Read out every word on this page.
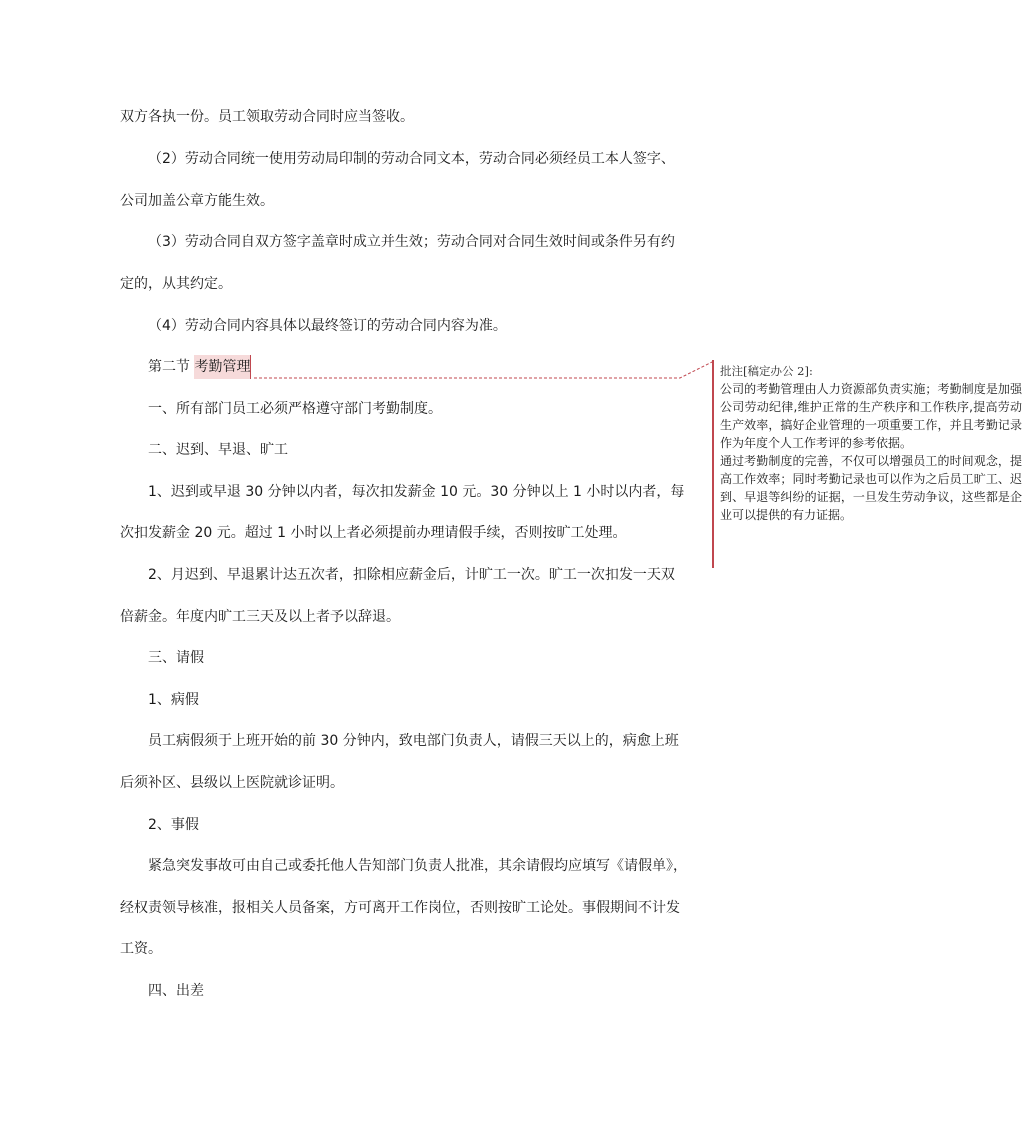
双方各执一份。员工领取劳动合同时应当签收。
（2）劳动合同统一使用劳动局印制的劳动合同文本，劳动合同必须经员工本人签字、
公司加盖公章方能生效。
（3）劳动合同自双方签字盖章时成立并生效；劳动合同对合同生效时间或条件另有约
定的，从其约定。
（4）劳动合同内容具体以最终签订的劳动合同内容为准。
第二节 考勤管理
一、所有部门员工必须严格遵守部门考勤制度。
二、迟到、早退、旷工
1、迟到或早退 30 分钟以内者，每次扣发薪金 10 元。30 分钟以上 1 小时以内者，每
次扣发薪金 20 元。超过 1 小时以上者必须提前办理请假手续，否则按旷工处理。
2、月迟到、早退累计达五次者，扣除相应薪金后，计旷工一次。旷工一次扣发一天双
倍薪金。年度内旷工三天及以上者予以辞退。
三、请假
1、病假
员工病假须于上班开始的前 30 分钟内，致电部门负责人，请假三天以上的，病愈上班
后须补区、县级以上医院就诊证明。
2、事假
紧急突发事故可由自己或委托他人告知部门负责人批准，其余请假均应填写《请假单》，
经权责领导核准，报相关人员备案，方可离开工作岗位，否则按旷工论处。事假期间不计发
工资。
四、出差
批注[稿定办公 2]:

公司的考勤管理由人力资源部负责实施；考勤制度是加强公司劳动纪律,维护正常的生产秩序和工作秩序,提高劳动生产效率，搞好企业管理的一项重要工作，并且考勤记录作为年度个人工作考评的参考依据。

通过考勤制度的完善，不仅可以增强员工的时间观念，提高工作效率；同时考勤记录也可以作为之后员工旷工、迟到、早退等纠纷的证据，一旦发生劳动争议，这些都是企业可以提供的有力证据。
